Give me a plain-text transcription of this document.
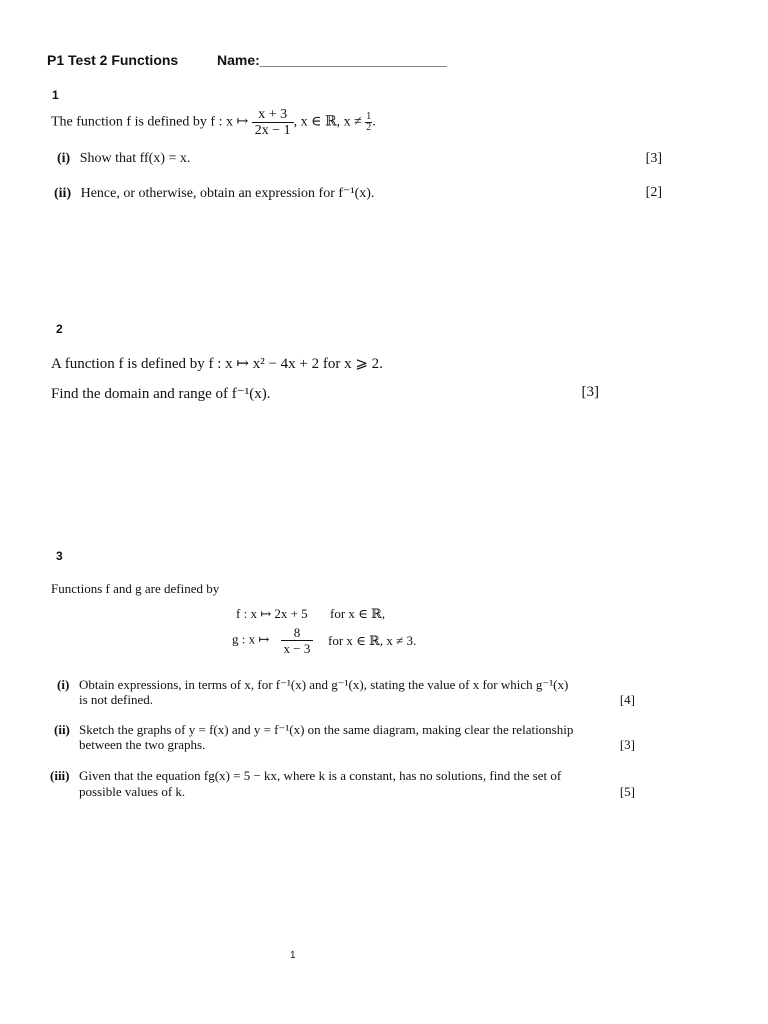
P1 Test 2 Functions	Name:________________________
1
The function f is defined by f : x ↦ $\frac{x + 3}{2x - 1}$ , x ∈ ℝ, $x \ne \frac{1}{2}$ .
(i) Show that ff(x) = x.	[3]
(ii) Hence, or otherwise, obtain an expression for f⁻¹(x).	[2]
2
A function f is defined by f : x ↦ x² − 4x + 2 for x ⩾ 2.
Find the domain and range of f⁻¹(x).	[3]
3
Functions f and g are defined by
f : x ↦ 2x + 5 for x ∈ ℝ,
g : x ↦ $\frac{8}{x - 3}$ for x ∈ ℝ, x ≠ 3.
(i) Obtain expressions, in terms of x, for f⁻¹(x) and g⁻¹(x), stating the value of x for which g⁻¹(x)
is not defined.	[4]
(ii) Sketch the graphs of y = f(x) and y = f⁻¹(x) on the same diagram, making clear the relationship
between the two graphs.	[3]
(iii) Given that the equation fg(x) = 5 − kx, where k is a constant, has no solutions, find the set of
possible values of k.	[5]
1
